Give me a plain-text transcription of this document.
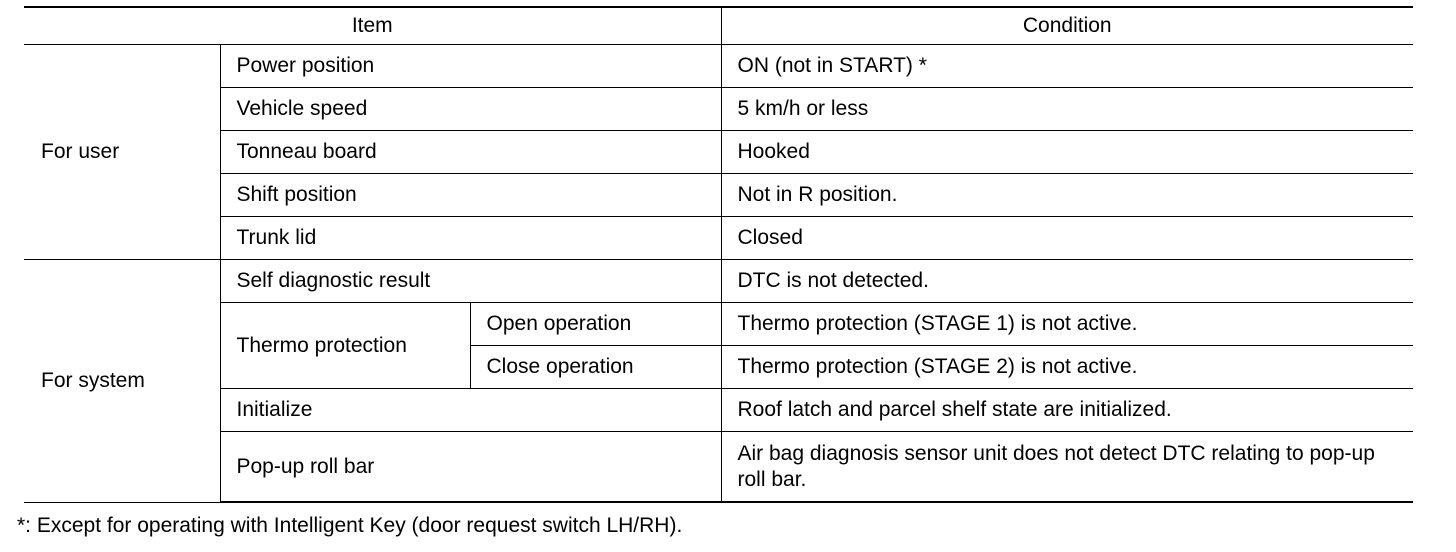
Item			Condition
For user	Power position		ON (not in START) *
	Vehicle speed		5 km/h or less
	Tonneau board		Hooked
	Shift position		Not in R position.
	Trunk lid		Closed
For system	Self diagnostic result		DTC is not detected.
	Thermo protection	Open operation	Thermo protection (STAGE 1) is not active.
		Close operation	Thermo protection (STAGE 2) is not active.
	Initialize		Roof latch and parcel shelf state are initialized.
	Pop-up roll bar		Air bag diagnosis sensor unit does not detect DTC relating to pop-up roll bar.
*: Except for operating with Intelligent Key (door request switch LH/RH).
